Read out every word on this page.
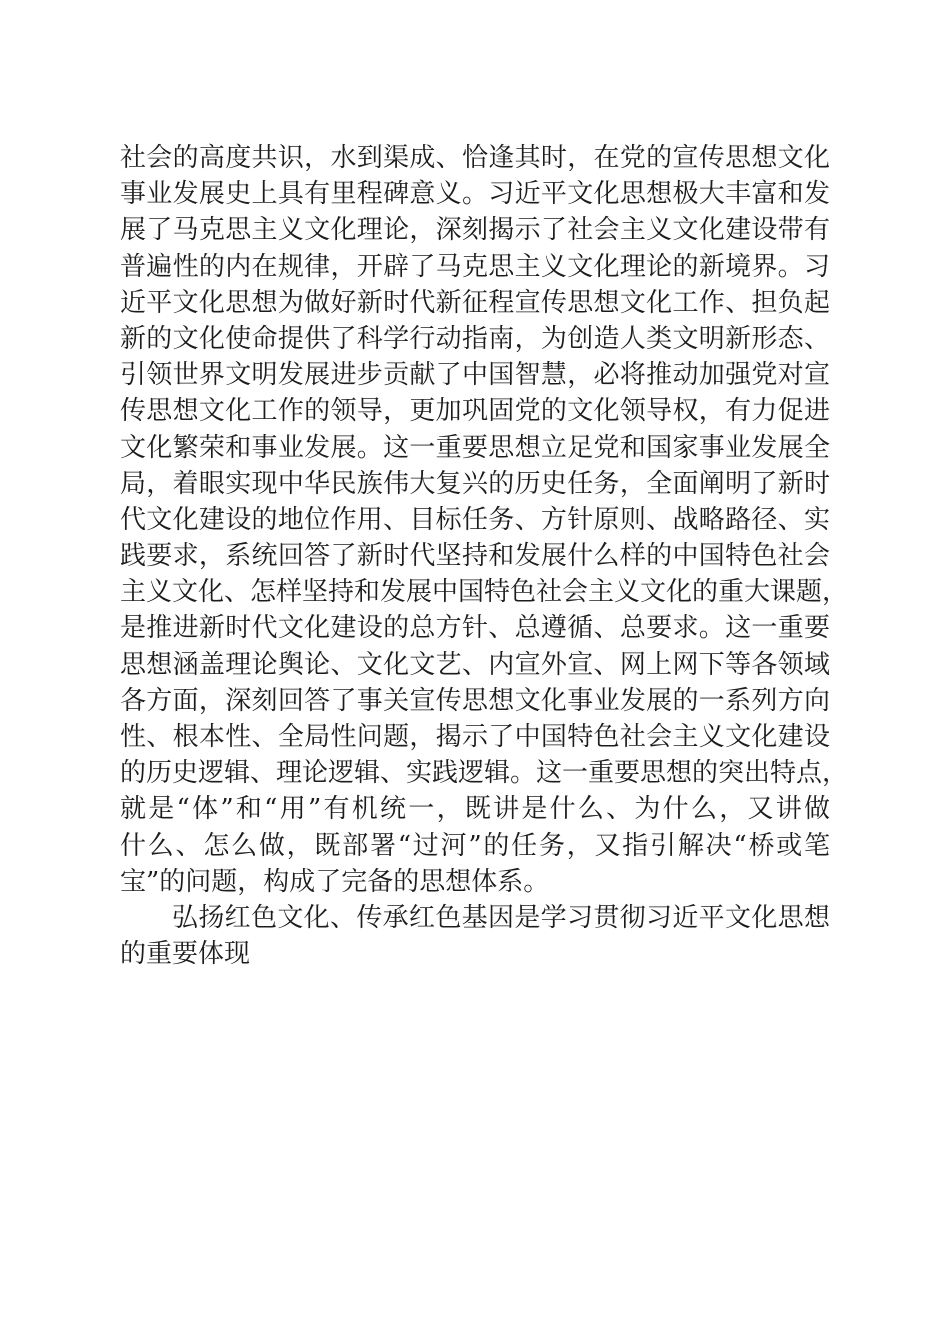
社会的高度共识，水到渠成、恰逢其时，在党的宣传思想文化
事业发展史上具有里程碑意义。习近平文化思想极大丰富和发
展了马克思主义文化理论，深刻揭示了社会主义文化建设带有
普遍性的内在规律，开辟了马克思主义文化理论的新境界。习
近平文化思想为做好新时代新征程宣传思想文化工作、担负起
新的文化使命提供了科学行动指南，为创造人类文明新形态、
引领世界文明发展进步贡献了中国智慧，必将推动加强党对宣
传思想文化工作的领导，更加巩固党的文化领导权，有力促进
文化繁荣和事业发展。这一重要思想立足党和国家事业发展全
局，着眼实现中华民族伟大复兴的历史任务，全面阐明了新时
代文化建设的地位作用、目标任务、方针原则、战略路径、实
践要求，系统回答了新时代坚持和发展什么样的中国特色社会
主义文化、怎样坚持和发展中国特色社会主义文化的重大课题，
是推进新时代文化建设的总方针、总遵循、总要求。这一重要
思想涵盖理论舆论、文化文艺、内宣外宣、网上网下等各领域
各方面，深刻回答了事关宣传思想文化事业发展的一系列方向
性、根本性、全局性问题，揭示了中国特色社会主义文化建设
的历史逻辑、理论逻辑、实践逻辑。这一重要思想的突出特点，
就是“体”和“用”有机统一，既讲是什么、为什么，又讲做
什么、怎么做，既部署“过河”的任务，又指引解决“桥或笔
宝”的问题，构成了完备的思想体系。
弘扬红色文化、传承红色基因是学习贯彻习近平文化思想
的重要体现
